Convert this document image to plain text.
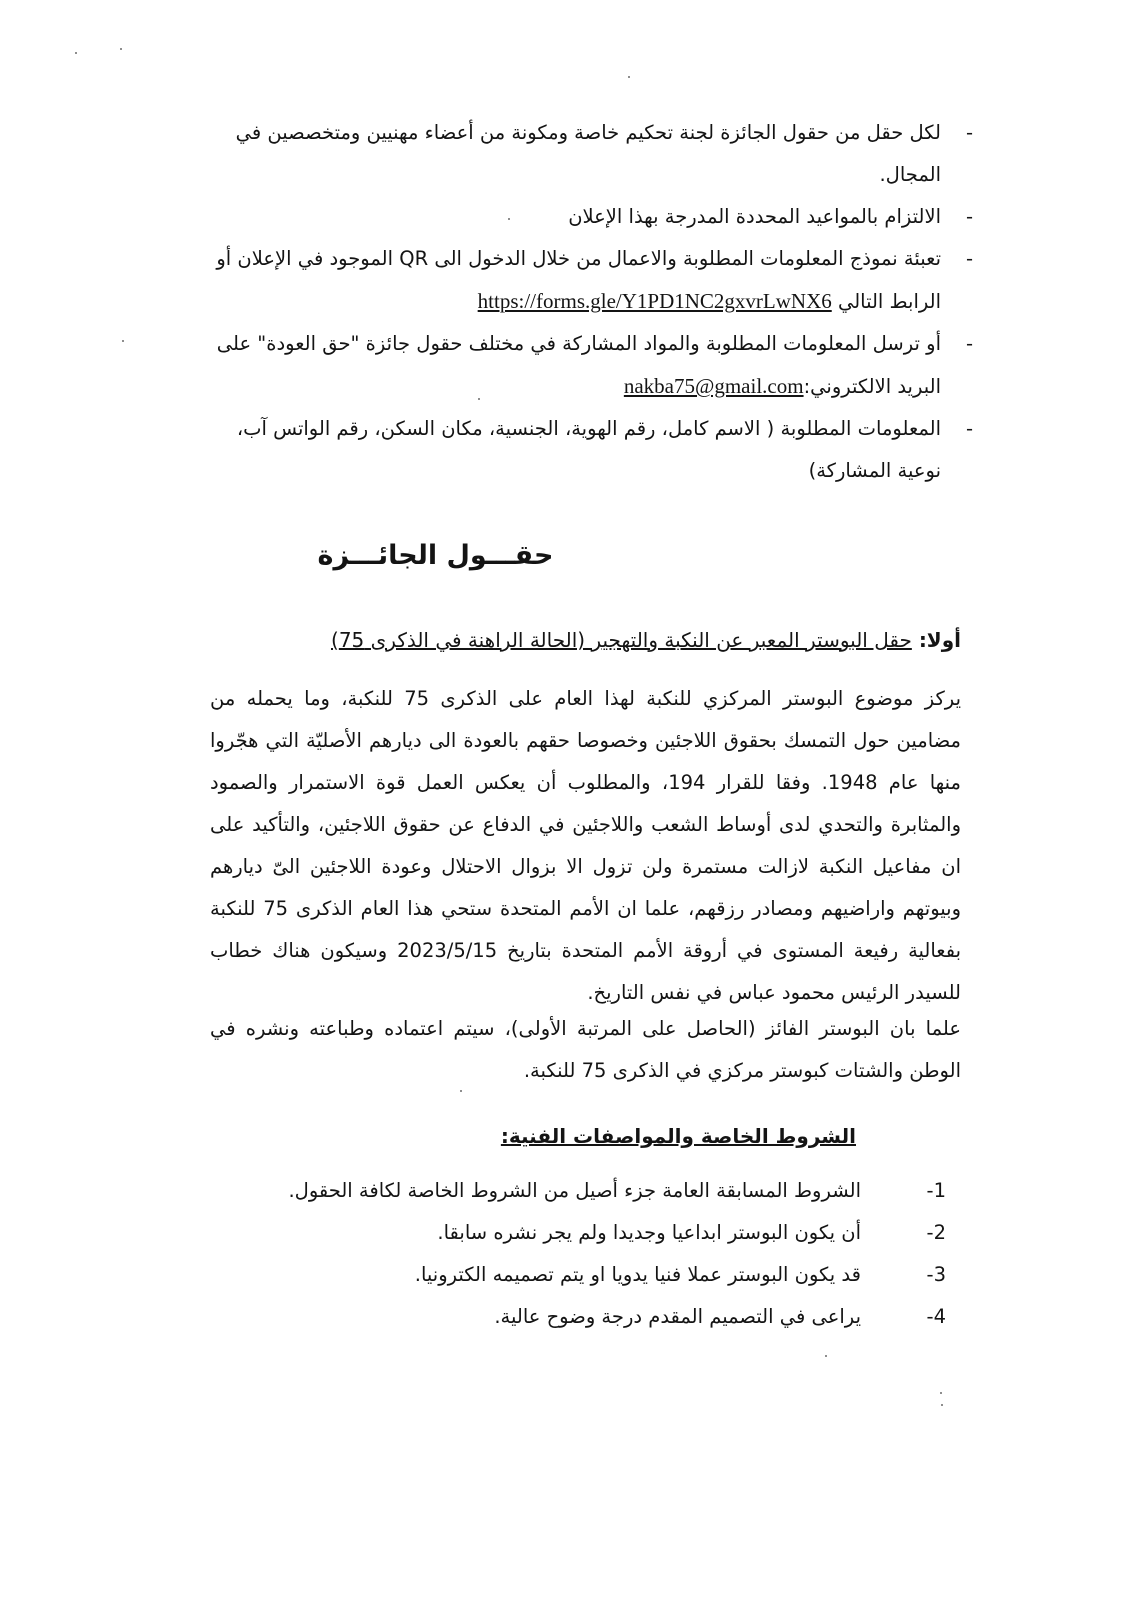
- لكل حقل من حقول الجائزة لجنة تحكيم خاصة ومكونة من أعضاء مهنيين ومتخصصين في المجال.
- الالتزام بالمواعيد المحددة المدرجة بهذا الإعلان
- تعبئة نموذج المعلومات المطلوبة والاعمال من خلال الدخول الى QR الموجود في الإعلان أو الرابط التالي https://forms.gle/Y1PD1NC2gxvrLwNX6
- أو ترسل المعلومات المطلوبة والمواد المشاركة في مختلف حقول جائزة "حق العودة" على البريد الالكتروني:nakba75@gmail.com
- المعلومات المطلوبة ( الاسم كامل، رقم الهوية، الجنسية، مكان السكن، رقم الواتس آب، نوعية المشاركة)
حقـــول الجائـــزة
أولا: حقل البوستر المعبر عن النكبة والتهجير (الحالة الراهنة في الذكرى 75)

يركز موضوع البوستر المركزي للنكبة لهذا العام على الذكرى 75 للنكبة، وما يحمله من مضامين حول التمسك بحقوق اللاجئين وخصوصا حقهم بالعودة الى ديارهم الأصليّة التي هجّروا منها عام 1948. وفقا للقرار 194، والمطلوب أن يعكس العمل قوة الاستمرار والصمود والمثابرة والتحدي لدى أوساط الشعب واللاجئين في الدفاع عن حقوق اللاجئين، والتأكيد على ان مفاعيل النكبة لازالت مستمرة ولن تزول الا بزوال الاحتلال وعودة اللاجئين الىّ ديارهم وبيوتهم واراضيهم ومصادر رزقهم، علما ان الأمم المتحدة ستحي هذا العام الذكرى 75 للنكبة بفعالية رفيعة المستوى في أروقة الأمم المتحدة بتاريخ 2023/5/15 وسيكون هناك خطاب للسيدر الرئيس محمود عباس في نفس التاريخ.

علما بان البوستر الفائز (الحاصل على المرتبة الأولى)، سيتم اعتماده وطباعته ونشره في الوطن والشتات كبوستر مركزي في الذكرى 75 للنكبة.

الشروط الخاصة والمواصفات الفنية:
-1
الشروط المسابقة العامة جزء أصيل من الشروط الخاصة لكافة الحقول.
-2
أن يكون البوستر ابداعيا وجديدا ولم يجر نشره سابقا.
-3
قد يكون البوستر عملا فنيا يدويا او يتم تصميمه الكترونيا.
-4
يراعى في التصميم المقدم درجة وضوح عالية.
